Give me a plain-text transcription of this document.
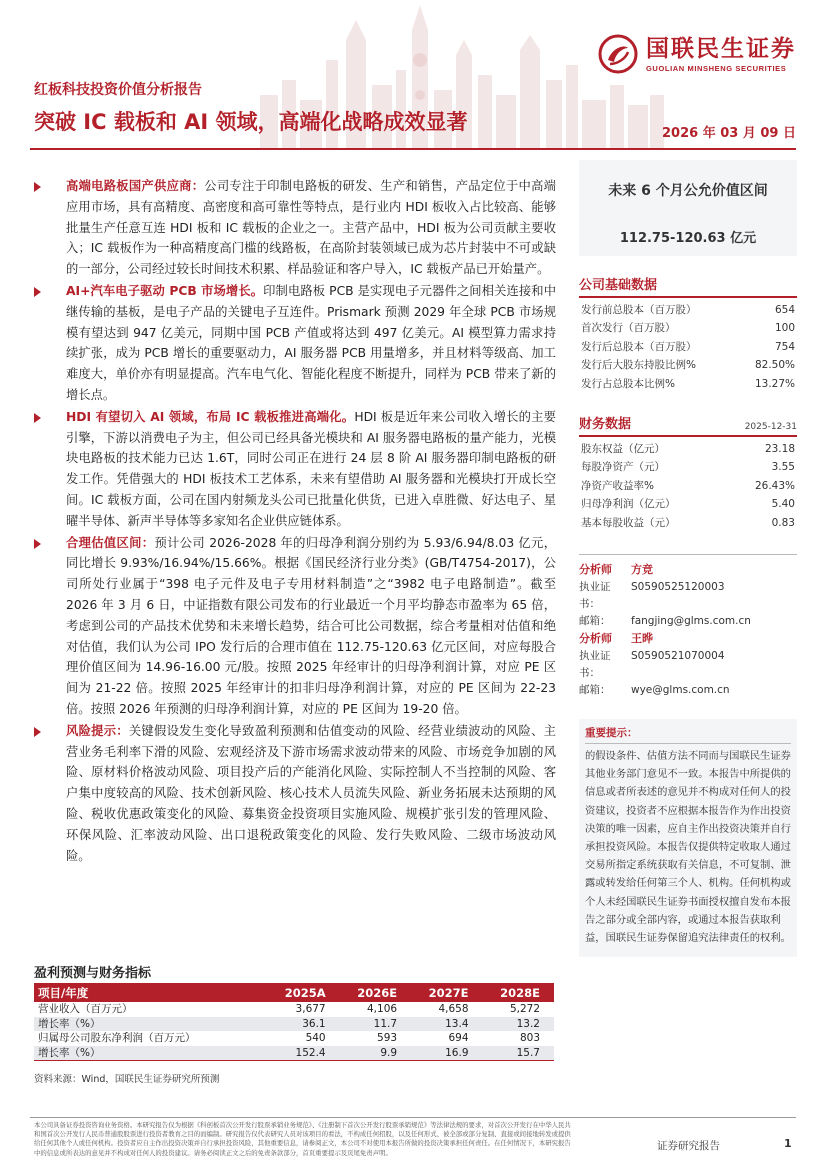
国联民生证券
GUOLIAN MINSHENG SECURITIES
红板科技投资价值分析报告
突破 IC 载板和 AI 领域，高端化战略成效显著	2026 年 03 月 09 日
高端电路板国产供应商：公司专注于印制电路板的研发、生产和销售，产品定位于中高端应用市场，具有高精度、高密度和高可靠性等特点，是行业内 HDI 板收入占比较高、能够批量生产任意互连 HDI 板和 IC 载板的企业之一。主营产品中，HDI 板为公司贡献主要收入；IC 载板作为一种高精度高门槛的线路板，在高阶封装领域已成为芯片封装中不可或缺的一部分，公司经过较长时间技术积累、样品验证和客户导入，IC 载板产品已开始量产。
AI+汽车电子驱动 PCB 市场增长。印制电路板 PCB 是实现电子元器件之间相关连接和中继传输的基板，是电子产品的关键电子互连件。Prismark 预测 2029 年全球 PCB 市场规模有望达到 947 亿美元，同期中国 PCB 产值或将达到 497 亿美元。AI 模型算力需求持续扩张，成为 PCB 增长的重要驱动力，AI 服务器 PCB 用量增多，并且材料等级高、加工难度大，单价亦有明显提高。汽车电气化、智能化程度不断提升，同样为 PCB 带来了新的增长点。
HDI 有望切入 AI 领域，布局 IC 载板推进高端化。HDI 板是近年来公司收入增长的主要引擎，下游以消费电子为主，但公司已经具备光模块和 AI 服务器电路板的量产能力，光模块电路板的技术能力已达 1.6T，同时公司正在进行 24 层 8 阶 AI 服务器印制电路板的研发工作。凭借强大的 HDI 板技术工艺体系，未来有望借助 AI 服务器和光模块打开成长空间。IC 载板方面，公司在国内射频龙头公司已批量化供货，已进入卓胜微、好达电子、星曜半导体、新声半导体等多家知名企业供应链体系。
合理估值区间：预计公司 2026-2028 年的归母净利润分别约为 5.93/6.94/8.03 亿元，同比增长 9.93%/16.94%/15.66%。根据《国民经济行业分类》(GB/T4754-2017)，公司所处行业属于“398 电子元件及电子专用材料制造”之“3982 电子电路制造”。截至 2026 年 3 月 6 日，中证指数有限公司发布的行业最近一个月平均静态市盈率为 65 倍，考虑到公司的产品技术优势和未来增长趋势，结合可比公司数据，综合考量相对估值和绝对估值，我们认为公司 IPO 发行后的合理市值在 112.75-120.63 亿元区间，对应每股合理价值区间为 14.96-16.00 元/股。按照 2025 年经审计的归母净利润计算，对应 PE 区间为 21-22 倍。按照 2025 年经审计的扣非归母净利润计算，对应的 PE 区间为 22-23 倍。按照 2026 年预测的归母净利润计算，对应的 PE 区间为 19-20 倍。
风险提示：关键假设发生变化导致盈利预测和估值变动的风险、经营业绩波动的风险、主营业务毛利率下滑的风险、宏观经济及下游市场需求波动带来的风险、市场竞争加剧的风险、原材料价格波动风险、项目投产后的产能消化风险、实际控制人不当控制的风险、客户集中度较高的风险、技术创新风险、核心技术人员流失风险、新业务拓展未达预期的风险、税收优惠政策变化的风险、募集资金投资项目实施风险、规模扩张引发的管理风险、环保风险、汇率波动风险、出口退税政策变化的风险、发行失败风险、二级市场波动风险。
未来 6 个月公允价值区间
112.75-120.63 亿元
公司基础数据
发行前总股本（百万股）	654
首次发行（百万股）	100
发行后总股本（百万股）	754
发行后大股东持股比例%	82.50%
发行占总股本比例%	13.27%
财务数据	2025-12-31
股东权益（亿元）	23.18
每股净资产（元）	3.55
净资产收益率%	26.43%
归母净利润（亿元）	5.40
基本每股收益（元）	0.83
分析师	方竞
执业证书：
S0590525120003
邮箱：	fangjing@glms.com.cn
分析师	王晔
执业证书：
S0590521070004
邮箱：	wye@glms.com.cn
重要提示：
的假设条件、估值方法不同而与国联民生证券其他业务部门意见不一致。本报告中所提供的信息或者所表述的意见并不构成对任何人的投资建议，投资者不应根据本报告作为作出投资决策的唯一因素，应自主作出投资决策并自行承担投资风险。本报告仅提供特定收取人通过交易所指定系统获取有关信息，不可复制、泄露或转发给任何第三个人、机构。任何机构或个人未经国联民生证券书面授权擅自发布本报告之部分或全部内容，或通过本报告获取利益，国联民生证券保留追究法律责任的权利。
盈利预测与财务指标
项目/年度	2025A	2026E	2027E	2028E
营业收入（百万元）	3,677	4,106	4,658	5,272
增长率（%）	36.1	11.7	13.4	13.2
归属母公司股东净利润（百万元）	540	593	694	803
增长率（%）	152.4	9.9	16.9	15.7
资料来源：Wind，国联民生证券研究所预测
本公司具备证券投资咨询业务资格。本研究报告仅为根据《科创板首次公开发行股票承销业务规范》、《注册制下首次公开发行股票承销规范》等法律法规的要求，对首次公开发行在中华人民共和国首次公开发行人民币普通股股票进行投资者教育之目的而编制。研究报告仅代表研究人员对该项目的看法，不构成任何招股，以及任何形式、被全部或部分复制、直接或间接地转发或提供给任何其他个人或任何机构。投资者应自主作出投资决策并自行承担投资风险，其他重要信息，请参阅正文，本公司不对使用本报告所做的投资决策承担任何责任。在任何情况下，本研究报告中的信息或所表达的意见并不构成对任何人的投资建议。请务必阅读正文之后的免责条款部分，首页重要提示及页尾免责声明。
证券研究报告	1
